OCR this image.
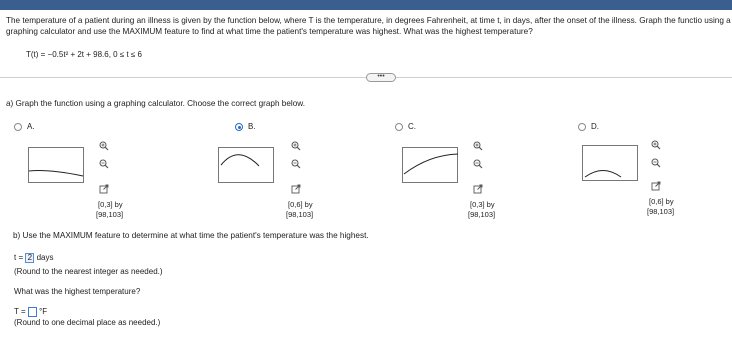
The temperature of a patient during an illness is given by the function below, where T is the temperature, in degrees Fahrenheit, at time t, in days, after the onset of the illness. Graph the functio using a graphing calculator and use the MAXIMUM feature to find at what time the patient's temperature was highest. What was the highest temperature?
T(t) = −0.5t² + 2t + 98.6, 0 ≤ t ≤ 6
•••
a) Graph the function using a graphing calculator. Choose the correct graph below.
A.
[0,3] by
[98,103]
B.
[0,6] by
[98,103]
C.
[0,3] by
[98,103]
D.
[0,6] by
[98,103]
b) Use the MAXIMUM feature to determine at what time the patient's temperature was the highest.
t = 2 days
(Round to the nearest integer as needed.)
What was the highest temperature?
T = °F
(Round to one decimal place as needed.)
